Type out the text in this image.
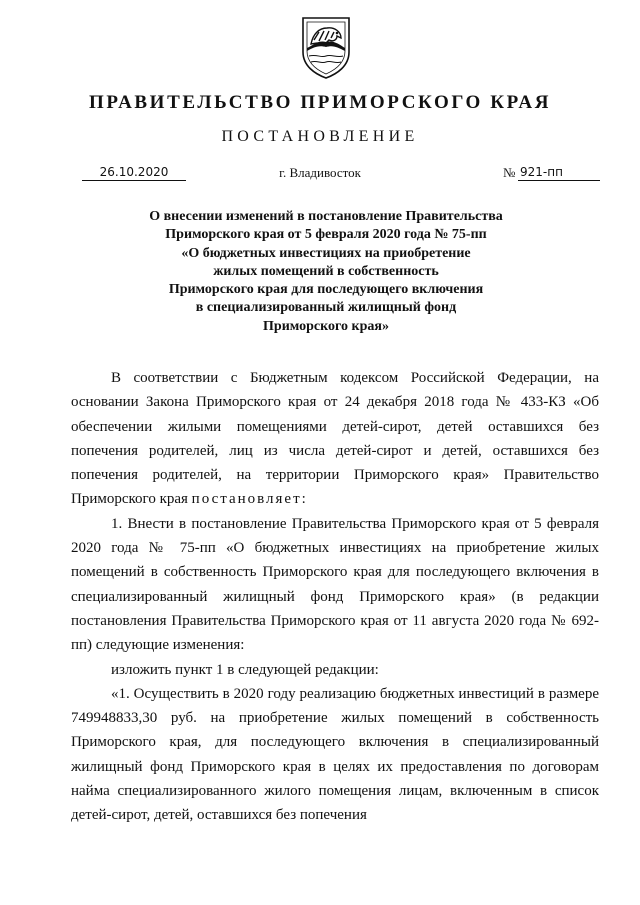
ПРАВИТЕЛЬСТВО ПРИМОРСКОГО КРАЯ
ПОСТАНОВЛЕНИЕ
26.10.2020	г. Владивосток	№ 921-пп
О внесении изменений в постановление Правительства
Приморского края от 5 февраля 2020 года № 75-пп
«О бюджетных инвестициях на приобретение
жилых помещений в собственность
Приморского края для последующего включения
в специализированный жилищный фонд
Приморского края»

В соответствии с Бюджетным кодексом Российской Федерации, на основании Закона Приморского края от 24 декабря 2018 года № 433-КЗ «Об обеспечении жилыми помещениями детей-сирот, детей оставшихся без попечения родителей, лиц из числа детей-сирот и детей, оставшихся без попечения родителей, на территории Приморского края» Правительство Приморского края постановляет:

1. Внести в постановление Правительства Приморского края от 5 февраля 2020 года № 75-пп «О бюджетных инвестициях на приобретение жилых помещений в собственность Приморского края для последующего включения в специализированный жилищный фонд Приморского края» (в редакции постановления Правительства Приморского края от 11 августа 2020 года № 692-пп) следующие изменения:

изложить пункт 1 в следующей редакции:

«1. Осуществить в 2020 году реализацию бюджетных инвестиций в размере 749948833,30 руб. на приобретение жилых помещений в собственность Приморского края, для последующего включения в специализированный жилищный фонд Приморского края в целях их предоставления по договорам найма специализированного жилого помещения лицам, включенным в список детей-сирот, детей, оставшихся без попечения
